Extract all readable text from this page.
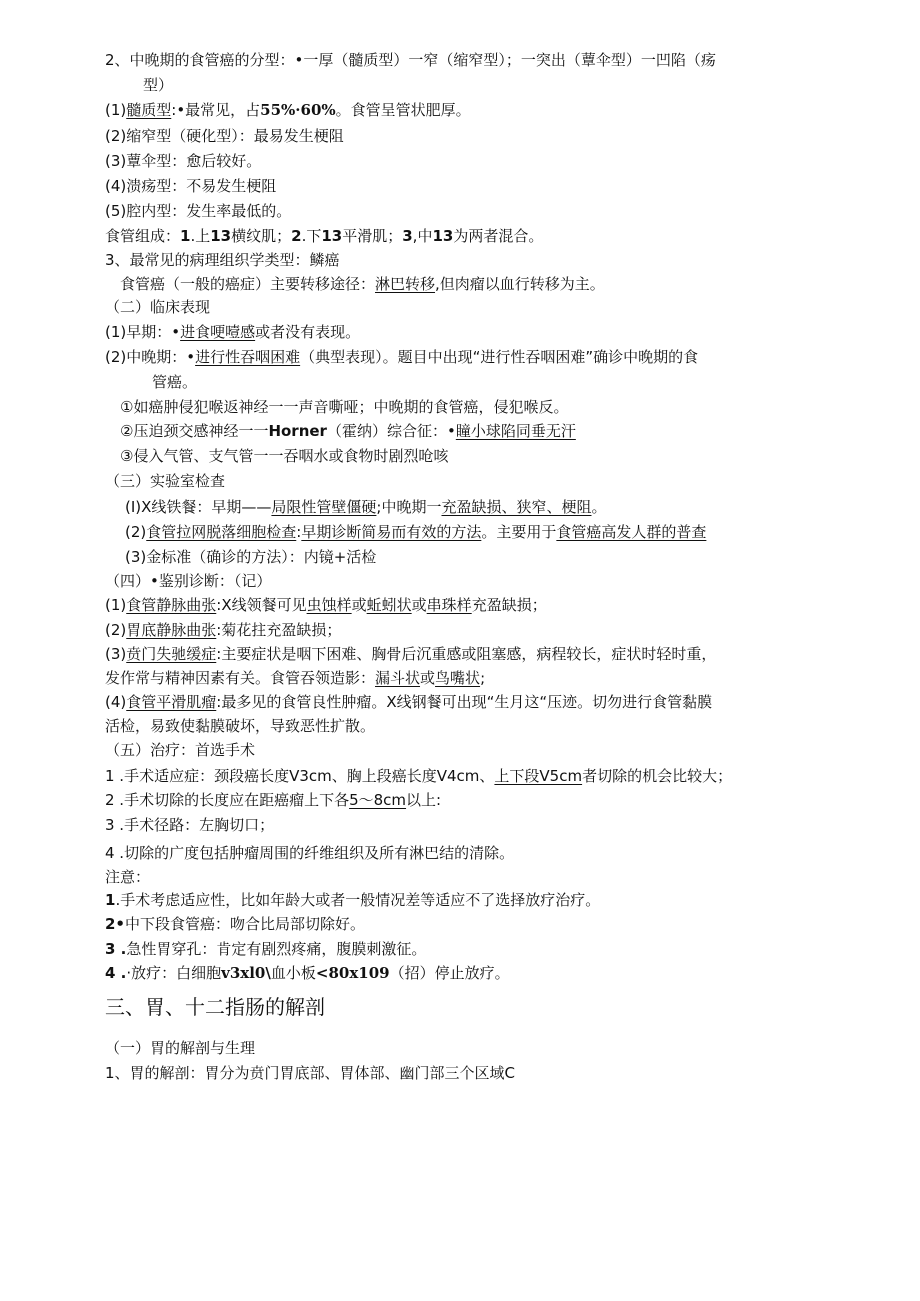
2、中晚期的食管癌的分型：•一厚（髓质型）一窄（缩窄型）；一突出（蕈伞型）一凹陷（疡
型）
(1)髓质型:•最常见，占55%·60%。食管呈管状肥厚。
(2)缩窄型（硬化型）：最易发生梗阻
(3)蕈伞型：愈后较好。
(4)溃疡型：不易发生梗阻
(5)腔内型：发生率最低的。
食管组成：1.上13横纹肌；2.下13平滑肌；3,中13为两者混合。
3、最常见的病理组织学类型：鳞癌
食管癌（一般的癌症）主要转移途径：淋巴转移,但肉瘤以血行转移为主。
（二）临床表现
(1)早期：•进食哽噎感或者没有表现。
(2)中晚期：•进行性吞咽困难（典型表现）。题目中出现“进行性吞咽困难”确诊中晚期的食
管癌。
①如癌肿侵犯喉返神经一一声音嘶哑；中晚期的食管癌，侵犯喉反。
②压迫颈交感神经一一Horner（霍纳）综合征：•瞳小球陷同垂无汗
③侵入气管、支气管一一吞咽水或食物时剧烈呛咳
（三）实验室检查
(I)X线铁餐：早期——局限性管壁僵硬;中晚期一充盈缺损、狭窄、梗阻。
(2)食管拉网脱落细胞检查:早期诊断简易而有效的方法。主要用于食管癌高发人群的普查
(3)金标准（确诊的方法）：内镜+活检
（四）•鉴别诊断：（记）
(1)食管静脉曲张:X线领餐可见虫蚀样或蚯蚓状或串珠样充盈缺损；
(2)胃底静脉曲张:菊花拄充盈缺损；
(3)贲门失驰缓症:主要症状是咽下困难、胸骨后沉重感或阻塞感，病程较长，症状时轻时重，
发作常与精神因素有关。食管吞领造影：漏斗状或鸟嘴状;
(4)食管平滑肌瘤:最多见的食管良性肿瘤。X线钢餐可出现“生月这“压迹。切勿进行食管黏膜
活检，易致使黏膜破坏，导致恶性扩散。
（五）治疗：首选手术
1 .手术适应症：颈段癌长度V3cm、胸上段癌长度V4cm、上下段V5cm者切除的机会比较大；
2 .手术切除的长度应在距癌瘤上下各5〜8cm以上:
3 .手术径路：左胸切口；
4 .切除的广度包括肿瘤周围的纤维组织及所有淋巴结的清除。
注意：
1.手术考虑适应性，比如年龄大或者一般情况差等适应不了选择放疗治疗。
2•中下段食管癌：吻合比局部切除好。
3 .急性胃穿孔：肯定有剧烈疼痛，腹膜刺激征。
4 .·放疗：白细胞v3xl0\血小板<80x109（招）停止放疗。
三、胃、十二指肠的解剖
（一）胃的解剖与生理
1、胃的解剖：胃分为贲门胃底部、胃体部、幽门部三个区域C
